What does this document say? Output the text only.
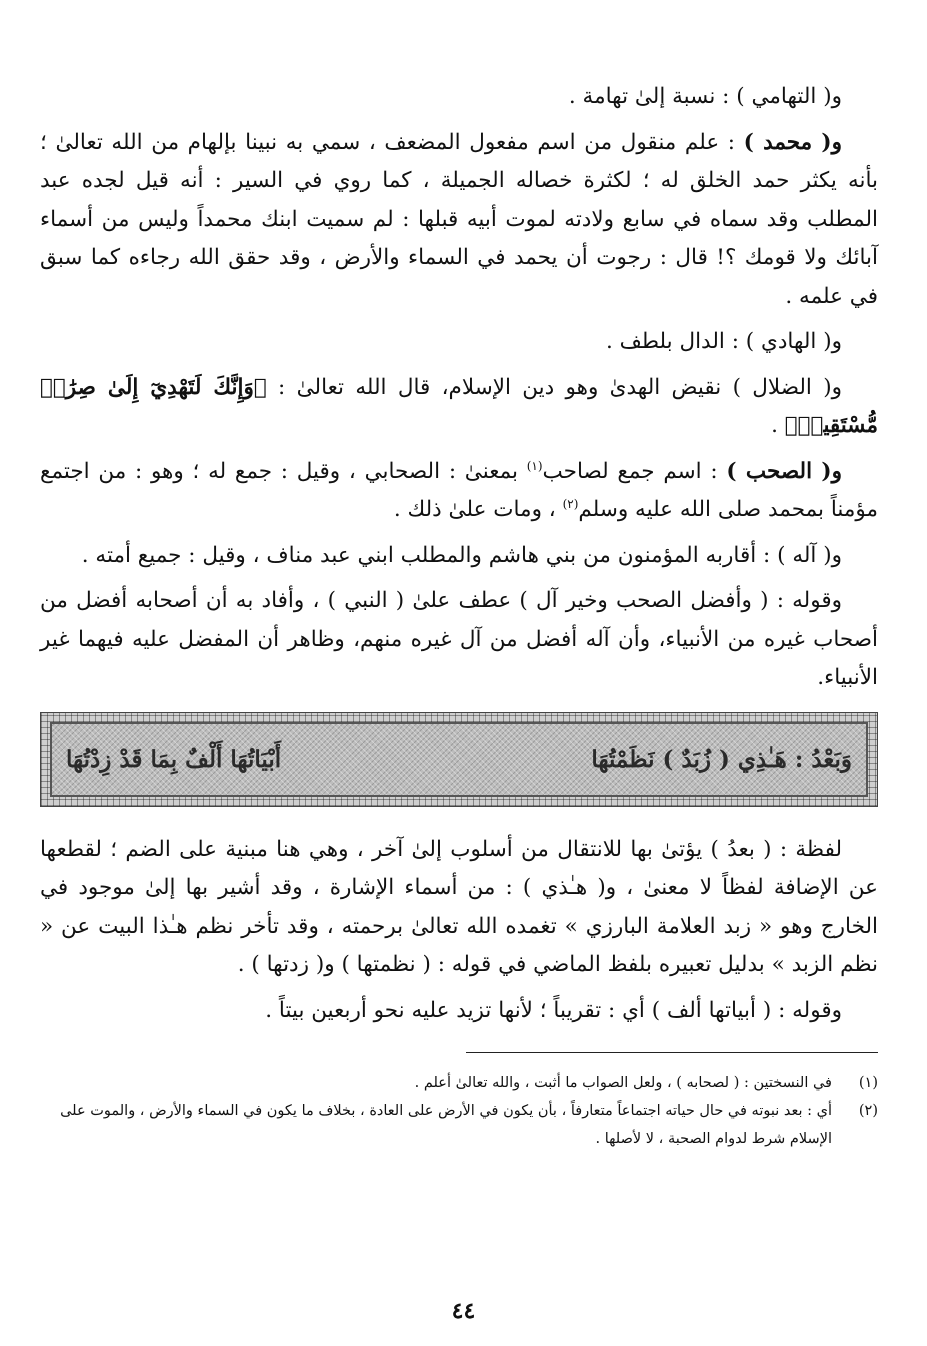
و( التهامي ) : نسبة إلىٰ تهامة .

و( محمد ) : علم منقول من اسم مفعول المضعف ، سمي به نبينا بإلهام من الله تعالىٰ ؛ بأنه يكثر حمد الخلق له ؛ لكثرة خصاله الجميلة ، كما روي في السير : أنه قيل لجده عبد المطلب وقد سماه في سابع ولادته لموت أبيه قبلها : لم سميت ابنك محمداً وليس من أسماء آبائك ولا قومك ؟! قال : رجوت أن يحمد في السماء والأرض ، وقد حقق الله رجاءه كما سبق في علمه .

و( الهادي ) : الدال بلطف .

و( الضلال ) نقيض الهدىٰ وهو دين الإسلام، قال الله تعالىٰ : ﴿وَإِنَّكَ لَتَهْدِيٓ إِلَىٰ صِرَٰطٖ مُّسْتَقِيمٖ﴾ .

و( الصحب ) : اسم جمع لصاحب$^{(١)}$ بمعنىٰ : الصحابي ، وقيل : جمع له ؛ وهو : من اجتمع مؤمناً بمحمد صلى الله عليه وسلم$^{(٢)}$ ، ومات علىٰ ذلك .

و( آله ) : أقاربه المؤمنون من بني هاشم والمطلب ابني عبد مناف ، وقيل : جميع أمته .

وقوله : ( وأفضل الصحب وخير آل ) عطف علىٰ ( النبي ) ، وأفاد به أن أصحابه أفضل من أصحاب غيره من الأنبياء، وأن آله أفضل من آل غيره منهم، وظاهر أن المفضل عليه فيهما غير الأنبياء.

وَبَعْدُ : هَـٰذِي ( زُبَدٌ ) نَظَمْتُهَا
أَبْيَاتُهَا أَلْفٌ بِمَا قَدْ زِدْتُهَا

لفظة : ( بعدُ ) يؤتىٰ بها للانتقال من أسلوب إلىٰ آخر ، وهي هنا مبنية على الضم ؛ لقطعها عن الإضافة لفظاً لا معنىٰ ، و( هـٰذي ) : من أسماء الإشارة ، وقد أشير بها إلىٰ موجود في الخارج وهو « زبد العلامة البارزي » تغمده الله تعالىٰ برحمته ، وقد تأخر نظم هـٰذا البيت عن « نظم الزبد » بدليل تعبيره بلفظ الماضي في قوله : ( نظمتها ) و( زدتها ) .

وقوله : ( أبياتها ألف ) أي : تقريباً ؛ لأنها تزيد عليه نحو أربعين بيتاً .

(١)
في النسختين : ( لصحابه ) ، ولعل الصواب ما أثبت ، والله تعالىٰ أعلم .
(٢)
أي : بعد نبوته في حال حياته اجتماعاً متعارفاً ، بأن يكون في الأرض على العادة ، بخلاف ما يكون في السماء والأرض ، والموت على الإسلام شرط لدوام الصحبة ، لا لأصلها .
٤٤
